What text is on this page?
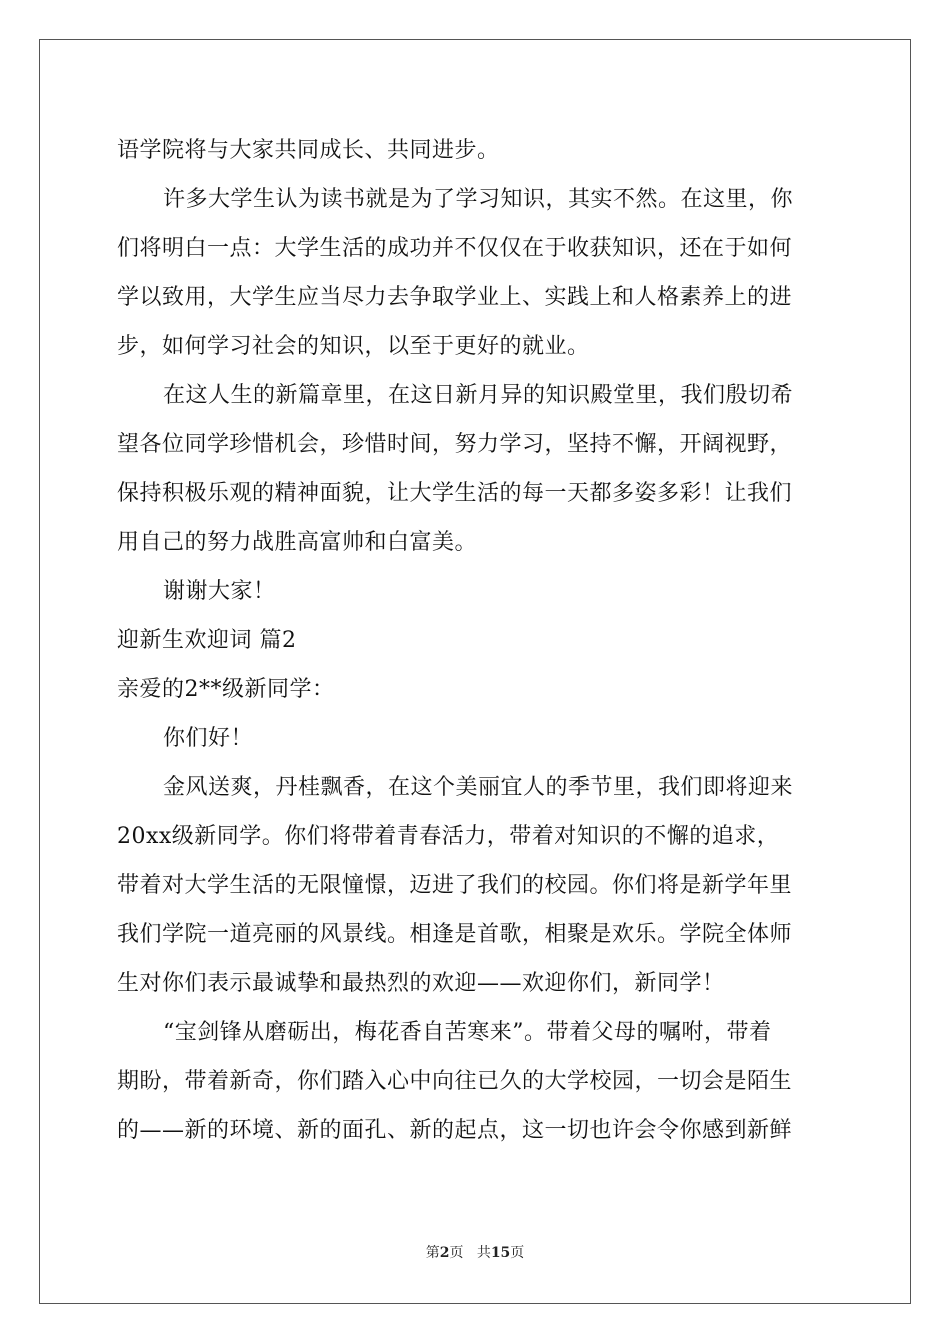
语学院将与大家共同成长、共同进步。
许多大学生认为读书就是为了学习知识，其实不然。在这里，你
们将明白一点：大学生活的成功并不仅仅在于收获知识，还在于如何
学以致用，大学生应当尽力去争取学业上、实践上和人格素养上的进
步，如何学习社会的知识，以至于更好的就业。
在这人生的新篇章里，在这日新月异的知识殿堂里，我们殷切希
望各位同学珍惜机会，珍惜时间，努力学习，坚持不懈，开阔视野，
保持积极乐观的精神面貌，让大学生活的每一天都多姿多彩！让我们
用自己的努力战胜高富帅和白富美。
谢谢大家！
迎新生欢迎词 篇2
亲爱的2**级新同学：
你们好！
金风送爽，丹桂飘香，在这个美丽宜人的季节里，我们即将迎来
20xx级新同学。你们将带着青春活力，带着对知识的不懈的追求，
带着对大学生活的无限憧憬，迈进了我们的校园。你们将是新学年里
我们学院一道亮丽的风景线。相逢是首歌，相聚是欢乐。学院全体师
生对你们表示最诚挚和最热烈的欢迎——欢迎你们，新同学！
“宝剑锋从磨砺出，梅花香自苦寒来”。带着父母的嘱咐，带着
期盼，带着新奇，你们踏入心中向往已久的大学校园，一切会是陌生
的——新的环境、新的面孔、新的起点，这一切也许会令你感到新鲜
第2页 共15页
